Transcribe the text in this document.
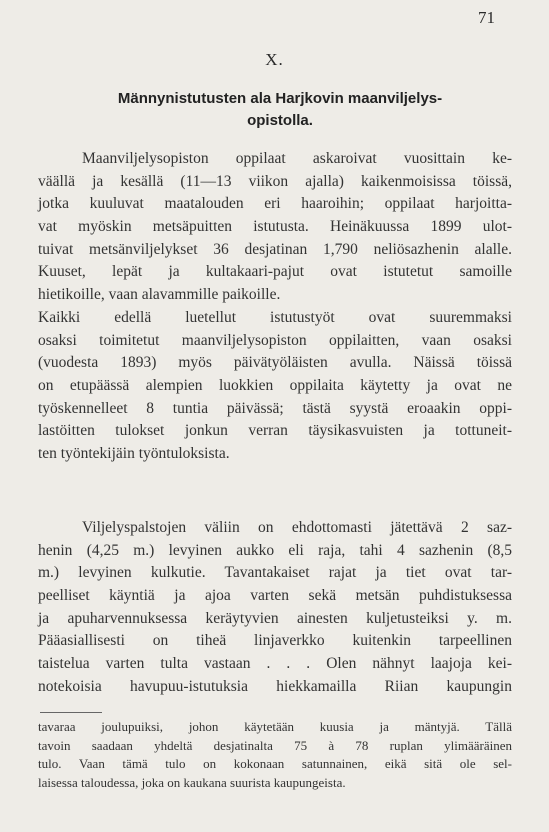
71
X.
Männynistutusten ala Harjkovin maanviljelys-
opistolla.
Maanviljelysopiston oppilaat askaroivat vuosittain ke-
väällä ja kesällä (11—13 viikon ajalla) kaikenmoisissa töissä,
jotka kuuluvat maatalouden eri haaroihin; oppilaat harjoitta-
vat myöskin metsäpuitten istutusta. Heinäkuussa 1899 ulot-
tuivat metsänviljelykset 36 desjatinan 1,790 neliösazhenin alalle.
Kuuset, lepät ja kultakaari-pajut ovat istutetut samoille
hietikoille, vaan alavammille paikoille.
Kaikki edellä luetellut istutustyöt ovat suuremmaksi
osaksi toimitetut maanviljelysopiston oppilaitten, vaan osaksi
(vuodesta 1893) myös päivätyöläisten avulla. Näissä töissä
on etupäässä alempien luokkien oppilaita käytetty ja ovat ne
työskennelleet 8 tuntia päivässä; tästä syystä eroaakin oppi-
lastöitten tulokset jonkun verran täysikasvuisten ja tottuneit-
ten työntekijäin työntuloksista.
Viljelyspalstojen väliin on ehdottomasti jätettävä 2 saz-
henin (4,25 m.) levyinen aukko eli raja, tahi 4 sazhenin (8,5
m.) levyinen kulkutie. Tavantakaiset rajat ja tiet ovat tar-
peelliset käyntiä ja ajoa varten sekä metsän puhdistuksessa
ja apuharvennuksessa keräytyvien ainesten kuljetusteiksi y. m.
Pääasiallisesti on tiheä linjaverkko kuitenkin tarpeellinen
taistelua varten tulta vastaan . . . Olen nähnyt laajoja kei-
notekoisia havupuu-istutuksia hiekkamailla Riian kaupungin
tavaraa joulupuiksi, johon käytetään kuusia ja mäntyjä. Tällä
tavoin saadaan yhdeltä desjatinalta 75 à 78 ruplan ylimääräinen
tulo. Vaan tämä tulo on kokonaan satunnainen, eikä sitä ole sel-
laisessa taloudessa, joka on kaukana suurista kaupungeista.
